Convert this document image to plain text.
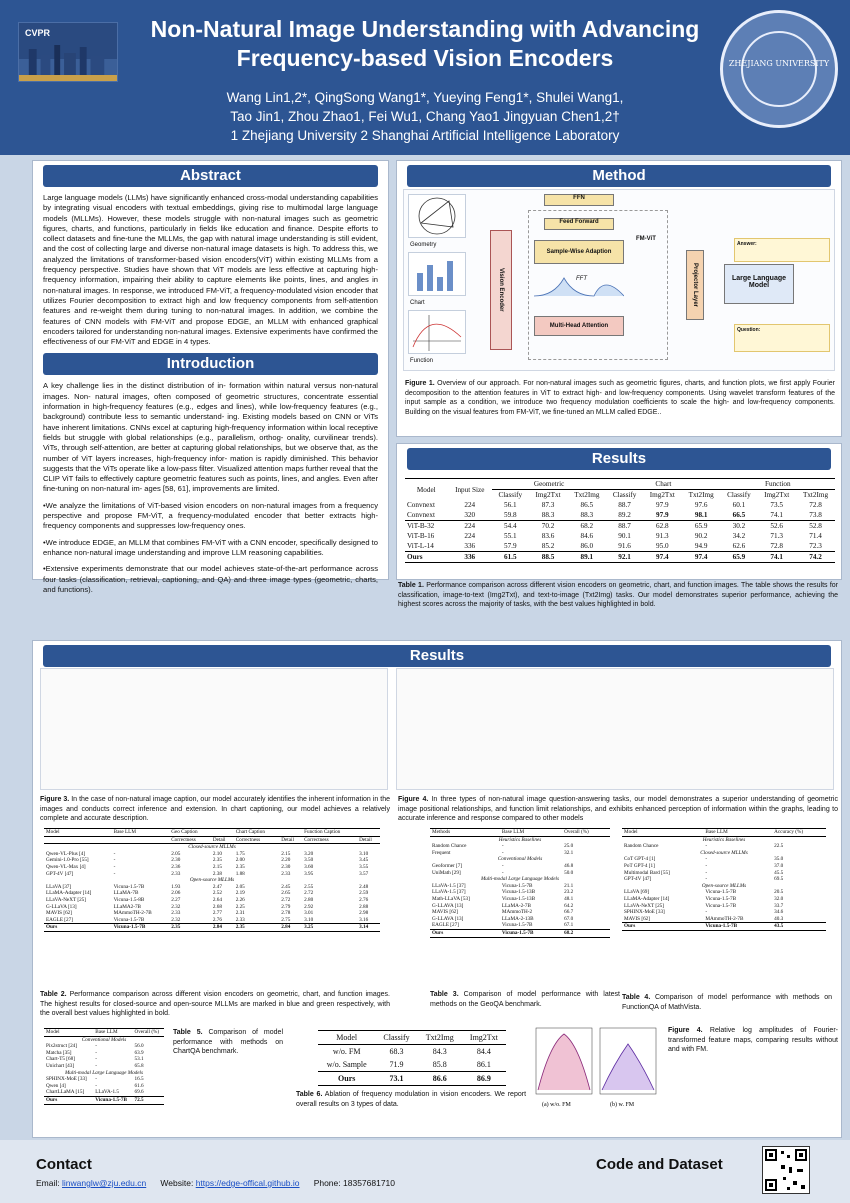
CVPR	Non-Natural Image Understanding with Advancing
Frequency-based Vision Encoders
Wang Lin1,2*, QingSong Wang1*, Yueying Feng1*, Shulei Wang1,
Tao Jin1, Zhou Zhao1, Fei Wu1, Chang Yao1 Jingyuan Chen1,2†
1 Zhejiang University 2 Shanghai Artificial Intelligence Laboratory
ZHEJIANG UNIVERSITY
Abstract

Large language models (LLMs) have significantly enhanced cross-modal understanding capabilities by integrating visual encoders with textual embeddings, giving rise to multimodal large language models (MLLMs). However, these models struggle with non-natural images such as geometric figures, charts, and functions, particularly in fields like education and finance. Despite efforts to collect datasets and fine-tune the MLLMs, the gap with natural image understanding is still evident, and the cost of collecting large and diverse non-natural image datasets is high. To address this, we analyzed the limitations of transformer-based vision encoders(ViT) within existing MLLMs from a frequency perspective. Studies have shown that ViT models are less effective at capturing high-frequency information, impairing their ability to capture elements like points, lines, and angles in non-natural images. In response, we introduced FM-ViT, a frequency-modulated vision encoder that utilizes Fourier decomposition to extract high and low frequency components from self-attention features and re-weight them during tuning to non-natural images. In addition, we combine the features of CNN models with FM-ViT and propose EDGE, an MLLM with enhanced graphical encoders tailored for understanding non-natural images. Extensive experiments have confirmed the effectiveness of our FM-ViT and EDGE in 4 types.

Introduction

A key challenge lies in the distinct distribution of in- formation within natural versus non-natural images. Non- natural images, often composed of geometric structures, concentrate essential information in high-frequency features (e.g., edges and lines), while low-frequency features (e.g., background) contribute less to semantic understand- ing. Existing models based on CNN or ViTs have inherent limitations. CNNs excel at capturing high-frequency information within local receptive fields but struggle with global relationships (e.g., parallelism, orthog- onality, curvilinear trends). ViTs, through self-attention, are better at capturing global relationships, but we observe that, as the number of ViT layers increases, high-frequency infor- mation is rapidly diminished. This behavior suggests that the ViTs operate like a low-pass filter. Visualized attention maps further reveal that the CLIP ViT fails to effectively capture geometric features such as points, lines, and angles. Even after fine-tuning on non-natural im- ages [58, 61], improvements are limited.

•We analyze the limitations of ViT-based vision encoders on non-natural images from a frequency perspective and propose FM-ViT, a frequency-modulated encoder that better extracts high-frequency components and suppresses low-frequency ones.

•We introduce EDGE, an MLLM that combines FM-ViT with a CNN encoder, specifically designed to enhance non-natural image understanding and improve LLM reasoning capabilities.

•Extensive experiments demonstrate that our model achieves state-of-the-art performance across four tasks (classification, retrieval, captioning, and QA) and three image types (geometric, charts, and functions).

Method
Geometry
Chart
Function
Vision Encoder
FFN
Feed Forward
FM-ViT
Sample-Wise Adaption
FFT
Multi-Head Attention
Projector Layer	Large Language Model
Answer:
Question:
Figure 1. Overview of our approach. For non-natural images such as geometric figures, charts, and function plots, we first apply Fourier decomposition to the attention features in ViT to extract high- and low-frequency components. Using wavelet transform features of the input sample as a condition, we introduce two frequency modulation coefficients to scale the high- and low-frequency components. Building on the visual features from FM-ViT, we fine-tuned an MLLM called EDGE..
Results
Model	Input Size	Geometric			Chart			Function		
		Classify	Img2Txt	Txt2Img	Classify	Img2Txt	Txt2Img	Classify	Img2Txt	Txt2Img
Convnext	224	56.1	87.3	86.5	88.7	97.9	97.6	60.1	73.5	72.8
Convnext	320	59.8	88.3	88.3	89.2	97.9	98.1	66.5	74.1	73.8
ViT-B-32	224	54.4	70.2	68.2	88.7	62.8	65.9	30.2	52.6	52.8
ViT-B-16	224	55.1	83.6	84.6	90.1	91.3	90.2	34.2	71.3	71.4
ViT-L-14	336	57.9	85.2	86.0	91.6	95.0	94.9	62.6	72.8	72.3
Ours	336	61.5	88.5	89.1	92.1	97.4	97.4	65.9	74.1	74.2
Table 1. Performance comparison across different vision encoders on geometric, chart, and function images. The table shows the results for classification, image-to-text (Img2Txt), and text-to-image (Txt2Img) tasks. Our model demonstrates superior performance, achieving the highest scores across the majority of tasks, with the best values highlighted in bold.
Results
Figure 3. In the case of non-natural image caption, our model accurately identifies the inherent information in the images and conducts correct inference and extension. In chart captioning, our model achieves a relatively complete and accurate description.
Figure 4. In three types of non-natural image question-answering tasks, our model demonstrates a superior understanding of geometric image positional relationships, and function limit relationships, and exhibits enhanced perception of information within the graphs, leading to accurate inference and response compared to other models
Model	Base LLM	Geo Caption		Chart Caption		Function Caption	
		Correctness	Detail	Correctness	Detail	Correctness	Detail
Closed-source MLLMs							
Qwen-VL-Plus [4]	-	2.05	2.10	1.75	2.15	3.20	3.10
Gemini-1.0-Pro [55]	-	2.30	2.35	2.00	2.20	3.50	3.45
Qwen-VL-Max [4]	-	2.36	2.15	2.35	2.30	3.60	3.55
GPT-4V [47]	-	2.33	2.38	1.88	2.33	3.95	3.57
Open-source MLLMs							
LLaVA [37]	Vicuna-1.5-7B	1.93	2.47	2.05	2.45	2.55	2.48
LLaMA-Adapter [14]	LLaMA-7B	2.06	2.52	2.19	2.65	2.72	2.59
LLaVA-NeXT [25]	Vicuna-1.5-8B	2.27	2.64	2.26	2.72	2.80	2.76
G-LLaVA [13]	LLaMA2-7B	2.32	2.68	2.25	2.79	2.92	2.88
MAVIS [62]	MAmmoTH-2-7B	2.33	2.77	2.31	2.78	3.01	2.98
EAGLE [27]	Vicuna-1.5-7B	2.32	2.76	2.33	2.75	3.10	3.16
Ours	Vicuna-1.5-7B	2.35	2.84	2.35	2.84	3.25	3.14
Table 2. Performance comparison across different vision encoders on geometric, chart, and function images. The highest results for closed-source and open-source MLLMs are marked in blue and green respectively, with the overall best values highlighted in bold.
Methods	Base LLM	Overall (%)
Heuristics Baselines		
Random Chance	-	25.0
Frequent	-	32.1
Conventional Models		
Geoformer [7]	-	46.8
UniMath [29]	-	50.0
Multi-modal Large Language Models		
LLaVA-1.5 [37]	Vicuna-1.5-7B	21.1
LLaVA-1.5 [37]	Vicuna-1.5-13B	23.2
Math-LLaVA [53]	Vicuna-1.5-13B	48.1
G-LLAVA [13]	LLaMA-2-7B	64.2
MAVIS [62]	MAmmoTH-2	66.7
G-LLAVA [13]	LLaMA-2-13B	67.0
EAGLE [27]	Vicuna-1.5-7B	67.1
Ours	Vicuna-1.5-7B	68.2
Table 3. Comparison of model performance with latest methods on the GeoQA benchmark.
Model	Base LLM	Accuracy (%)
Heuristics Baselines		
Random Chance	-	22.5
Closed-source MLLMs		
CoT GPT-4 [1]	-	35.0
PoT GPT-4 [1]	-	37.0
Multimodal Bard [55]	-	45.5
GPT-4V [47]	-	69.5
Open-source MLLMs		
LLaVA [69]	Vicuna-1.5-7B	20.5
LLaMA-Adapter [14]	Vicuna-1.5-7B	32.0
LLaVA-NeXT [25]	Vicuna-1.5-7B	33.7
SPHINX-MoE [33]	-	34.6
MAVIS [62]	MAmmoTH-2-7B	40.3
Ours	Vicuna-1.5-7B	43.5
Table 4. Comparison of model performance with methods on FunctionQA of MathVista.
Model	Base LLM	Overall (%)
Conventional Models		
Pix2struct [24]	-	56.0
Matcha [35]	-	63.9
Chart-T5 [68]	-	53.1
Unichart [43]	-	65.8
Multi-modal Large Language Models		
SPHINX-MoE [33]	-	16.5
Qwen [4]	-	61.6
ChartLLaMA [15]	LLaVA-1.5	69.6
Ours	Vicuna-1.5-7B	72.5
Table 5. Comparison of model performance with methods on ChartQA benchmark.
Model	Classify	Txt2Img	Img2Txt
w/o. FM	68.3	84.3	84.4
w/o. Sample	71.9	85.8	86.1
Ours	73.1	86.6	86.9
Table 6. Ablation of frequency modulation in vision encoders. We report overall results on 3 types of data.	(a) w/o. FM	(b) w. FM
Figure 4. Relative log amplitudes of Fourier-transformed feature maps, comparing results without and with FM.
Contact	Code and Dataset
Email: linwanglw@zju.edu.cn Website: https://edge-offical.github.io Phone: 18357681710
